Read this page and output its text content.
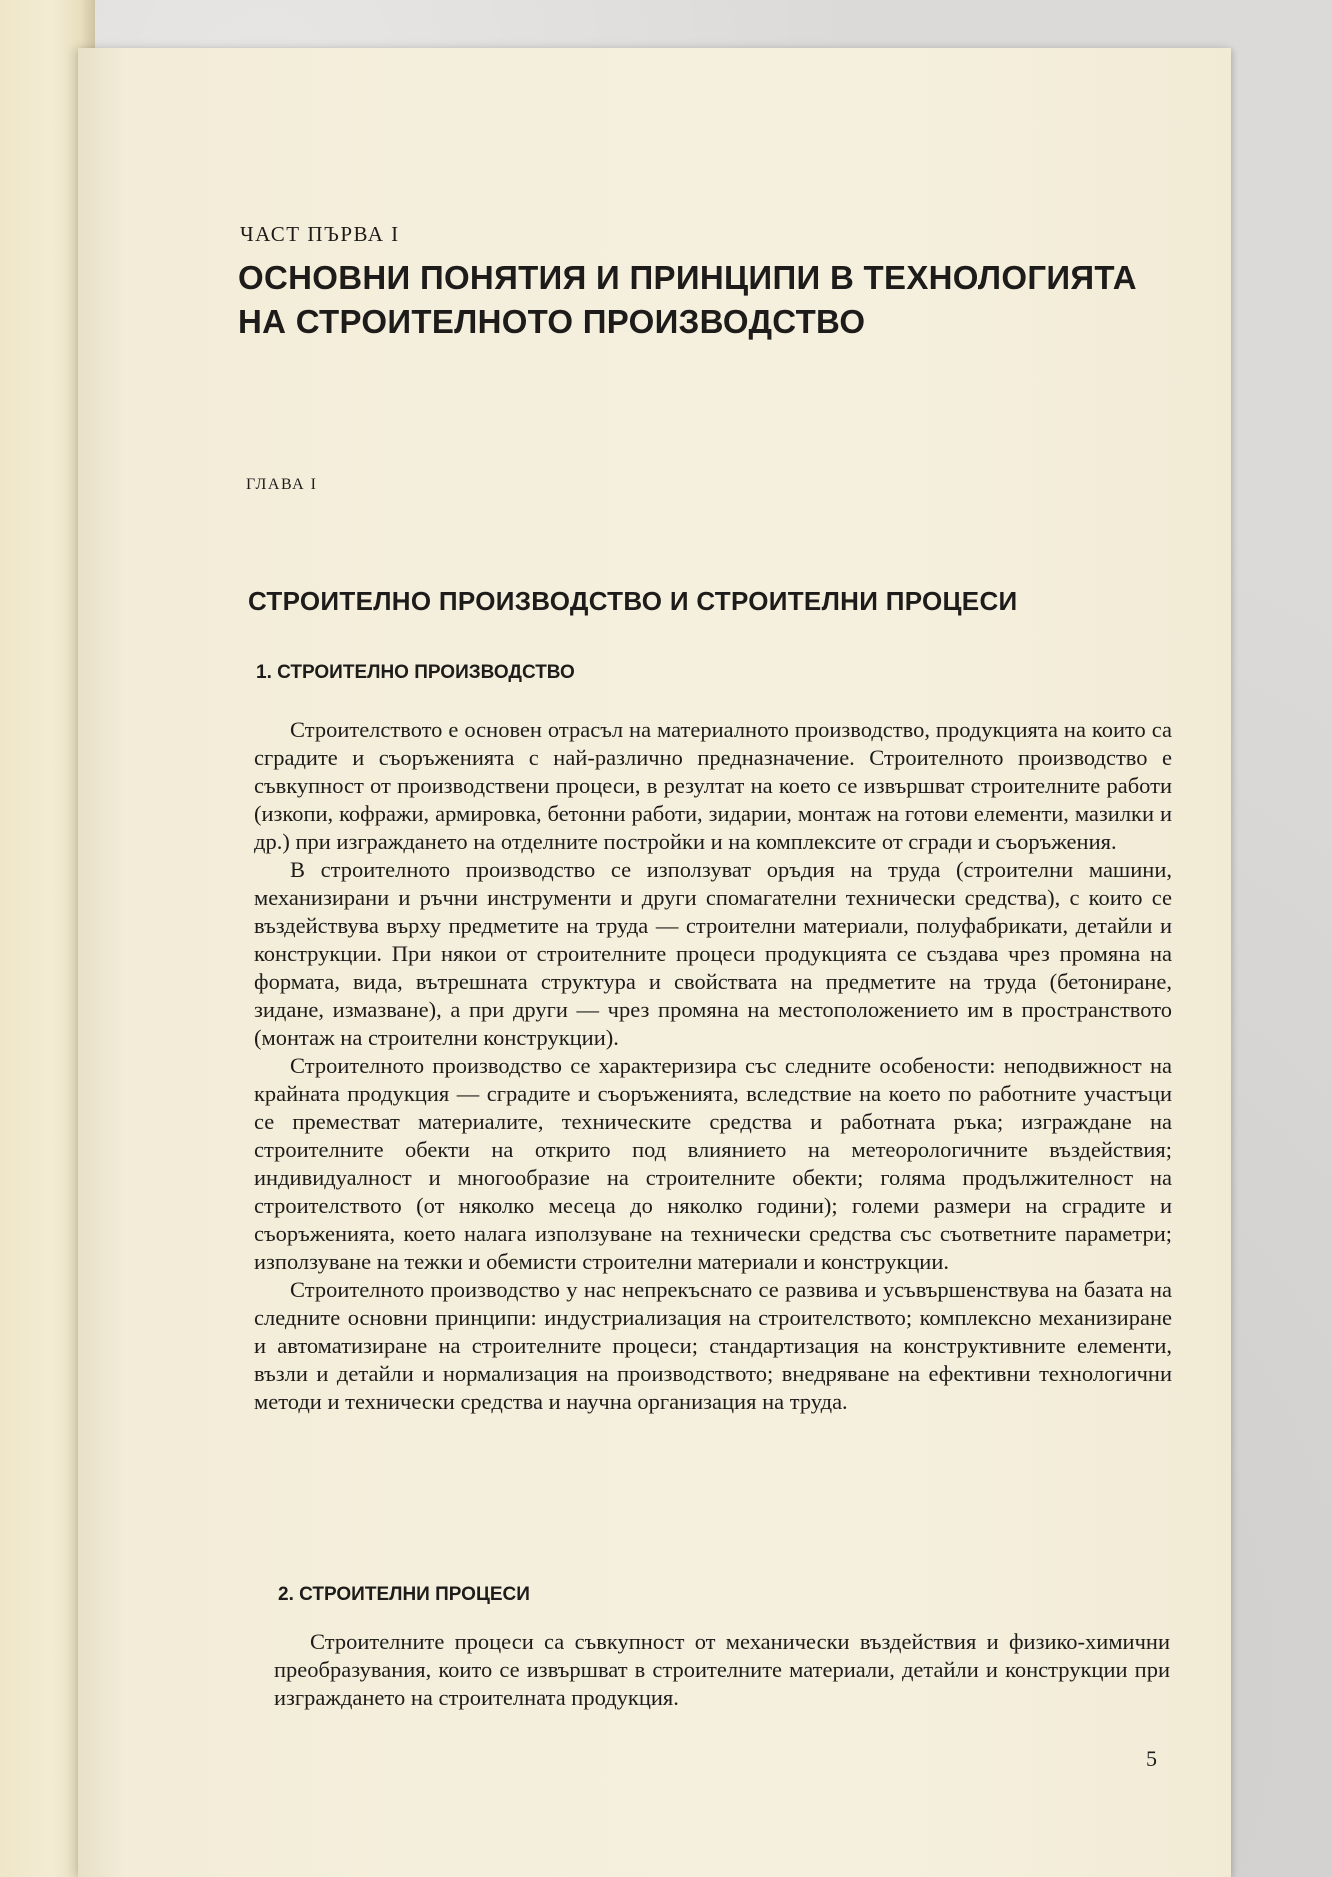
ЧАСТ ПЪРВА I
ОСНОВНИ ПОНЯТИЯ И ПРИНЦИПИ В ТЕХНОЛОГИЯТА НА СТРОИТЕЛНОТО ПРОИЗВОДСТВО
ГЛАВА I
СТРОИТЕЛНО ПРОИЗВОДСТВО И СТРОИТЕЛНИ ПРОЦЕСИ
1. СТРОИТЕЛНО ПРОИЗВОДСТВО

Строителството е основен отрасъл на материалното производство, продукцията на които са сградите и съоръженията с най-различно предназначение. Строителното производство е съвкупност от производствени процеси, в резултат на което се извършват строителните работи (изкопи, кофражи, армировка, бетонни работи, зидарии, монтаж на готови елементи, мазилки и др.) при изграждането на отделните постройки и на комплексите от сгради и съоръжения.

В строителното производство се използуват оръдия на труда (строителни машини, механизирани и ръчни инструменти и други спомагателни технически средства), с които се въздействува върху предметите на труда — строителни материали, полуфабрикати, детайли и конструкции. При някои от строителните процеси продукцията се създава чрез промяна на формата, вида, вътрешната структура и свойствата на предметите на труда (бетониране, зидане, измазване), а при други — чрез промяна на местоположението им в пространството (монтаж на строителни конструкции).

Строителното производство се характеризира със следните особености: неподвижност на крайната продукция — сградите и съоръженията, вследствие на което по работните участъци се преместват материалите, техническите средства и работната ръка; изграждане на строителните обекти на открито под влиянието на метеорологичните въздействия; индивидуалност и многообразие на строителните обекти; голяма продължителност на строителството (от няколко месеца до няколко години); големи размери на сградите и съоръженията, което налага използуване на технически средства със съответните параметри; използуване на тежки и обемисти строителни материали и конструкции.

Строителното производство у нас непрекъснато се развива и усъвършенствува на базата на следните основни принципи: индустриализация на строителството; комплексно механизиране и автоматизиране на строителните процеси; стандартизация на конструктивните елементи, възли и детайли и нормализация на производството; внедряване на ефективни технологични методи и технически средства и научна организация на труда.

2. СТРОИТЕЛНИ ПРОЦЕСИ

Строителните процеси са съвкупност от механически въздействия и физико-химични преобразувания, които се извършват в строителните материали, детайли и конструкции при изграждането на строителната продукция.

5
